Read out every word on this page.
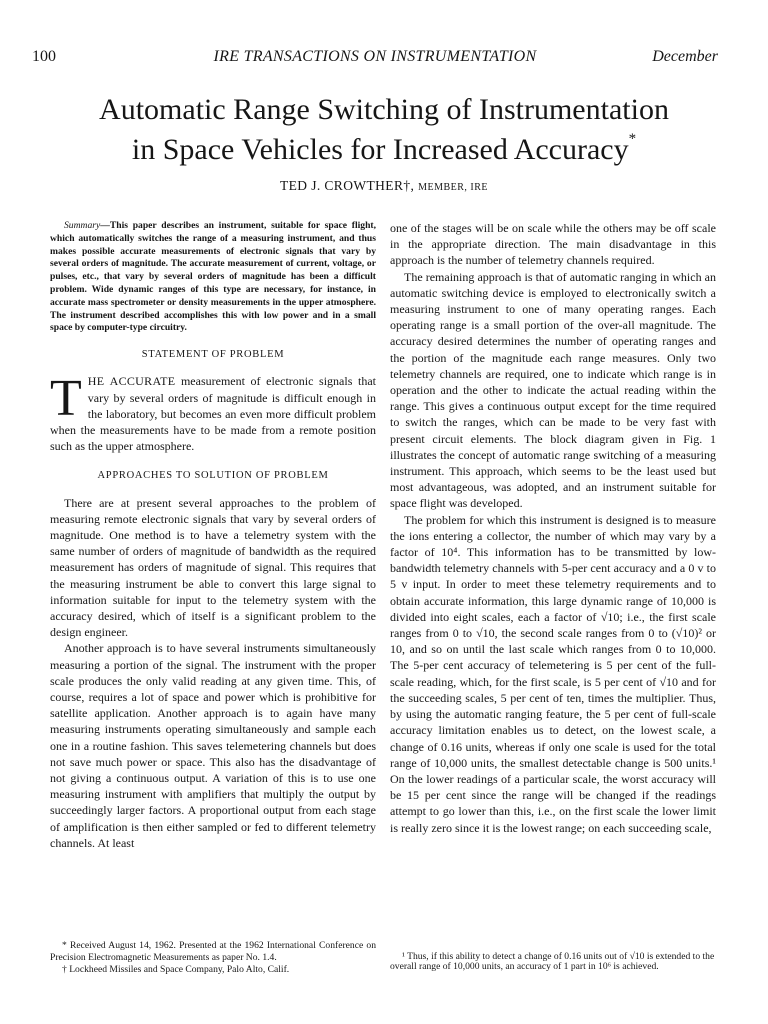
100	IRE TRANSACTIONS ON INSTRUMENTATION	December
Automatic Range Switching of Instrumentation
in Space Vehicles for Increased Accuracy*
TED J. CROWTHER†, MEMBER, IRE

Summary—This paper describes an instrument, suitable for space flight, which automatically switches the range of a measuring instrument, and thus makes possible accurate measurements of electronic signals that vary by several orders of magnitude. The accurate measurement of current, voltage, or pulses, etc., that vary by several orders of magnitude has been a difficult problem. Wide dynamic ranges of this type are necessary, for instance, in accurate mass spectrometer or density measurements in the upper atmosphere. The instrument described accomplishes this with low power and in a small space by computer-type circuitry.

STATEMENT OF PROBLEM

THE ACCURATE measurement of electronic signals that vary by several orders of magnitude is difficult enough in the laboratory, but becomes an even more difficult problem when the measurements have to be made from a remote position such as the upper atmosphere.

APPROACHES TO SOLUTION OF PROBLEM

There are at present several approaches to the problem of measuring remote electronic signals that vary by several orders of magnitude. One method is to have a telemetry system with the same number of orders of magnitude of bandwidth as the required measurement has orders of magnitude of signal. This requires that the measuring instrument be able to convert this large signal to information suitable for input to the telemetry system with the accuracy desired, which of itself is a significant problem to the design engineer.

Another approach is to have several instruments simultaneously measuring a portion of the signal. The instrument with the proper scale produces the only valid reading at any given time. This, of course, requires a lot of space and power which is prohibitive for satellite application. Another approach is to again have many measuring instruments operating simultaneously and sample each one in a routine fashion. This saves telemetering channels but does not save much power or space. This also has the disadvantage of not giving a continuous output. A variation of this is to use one measuring instrument with amplifiers that multiply the output by succeedingly larger factors. A proportional output from each stage of amplification is then either sampled or fed to different telemetry channels. At least

one of the stages will be on scale while the others may be off scale in the appropriate direction. The main disadvantage in this approach is the number of telemetry channels required.

The remaining approach is that of automatic ranging in which an automatic switching device is employed to electronically switch a measuring instrument to one of many operating ranges. Each operating range is a small portion of the over-all magnitude. The accuracy desired determines the number of operating ranges and the portion of the magnitude each range measures. Only two telemetry channels are required, one to indicate which range is in operation and the other to indicate the actual reading within the range. This gives a continuous output except for the time required to switch the ranges, which can be made to be very fast with present circuit elements. The block diagram given in Fig. 1 illustrates the concept of automatic range switching of a measuring instrument. This approach, which seems to be the least used but most advantageous, was adopted, and an instrument suitable for space flight was developed.

The problem for which this instrument is designed is to measure the ions entering a collector, the number of which may vary by a factor of 10⁴. This information has to be transmitted by low-bandwidth telemetry channels with 5-per cent accuracy and a 0 v to 5 v input. In order to meet these telemetry requirements and to obtain accurate information, this large dynamic range of 10,000 is divided into eight scales, each a factor of √10; i.e., the first scale ranges from 0 to √10, the second scale ranges from 0 to (√10)² or 10, and so on until the last scale which ranges from 0 to 10,000. The 5-per cent accuracy of telemetering is 5 per cent of the full-scale reading, which, for the first scale, is 5 per cent of √10 and for the succeeding scales, 5 per cent of ten, times the multiplier. Thus, by using the automatic ranging feature, the 5 per cent of full-scale accuracy limitation enables us to detect, on the lowest scale, a change of 0.16 units, whereas if only one scale is used for the total range of 10,000 units, the smallest detectable change is 500 units.¹ On the lower readings of a particular scale, the worst accuracy will be 15 per cent since the range will be changed if the readings attempt to go lower than this, i.e., on the first scale the lower limit is really zero since it is the lowest range; on each succeeding scale,

* Received August 14, 1962. Presented at the 1962 International Conference on Precision Electromagnetic Measurements as paper No. 1.4.

† Lockheed Missiles and Space Company, Palo Alto, Calif.

¹ Thus, if this ability to detect a change of 0.16 units out of √10 is extended to the overall range of 10,000 units, an accuracy of 1 part in 10⁶ is achieved.
